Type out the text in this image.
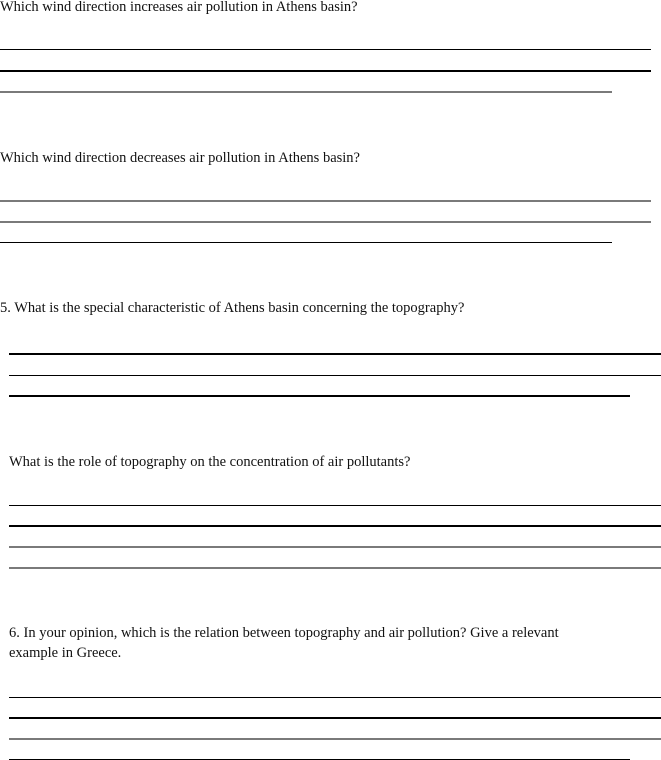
Which wind direction increases air pollution in Athens basin?

Which wind direction decreases air pollution in Athens basin?

5. What is the special characteristic of Athens basin concerning the topography?

What is the role of topography on the concentration of air pollutants?

6. In your opinion, which is the relation between topography and air pollution? Give a relevant

example in Greece.
